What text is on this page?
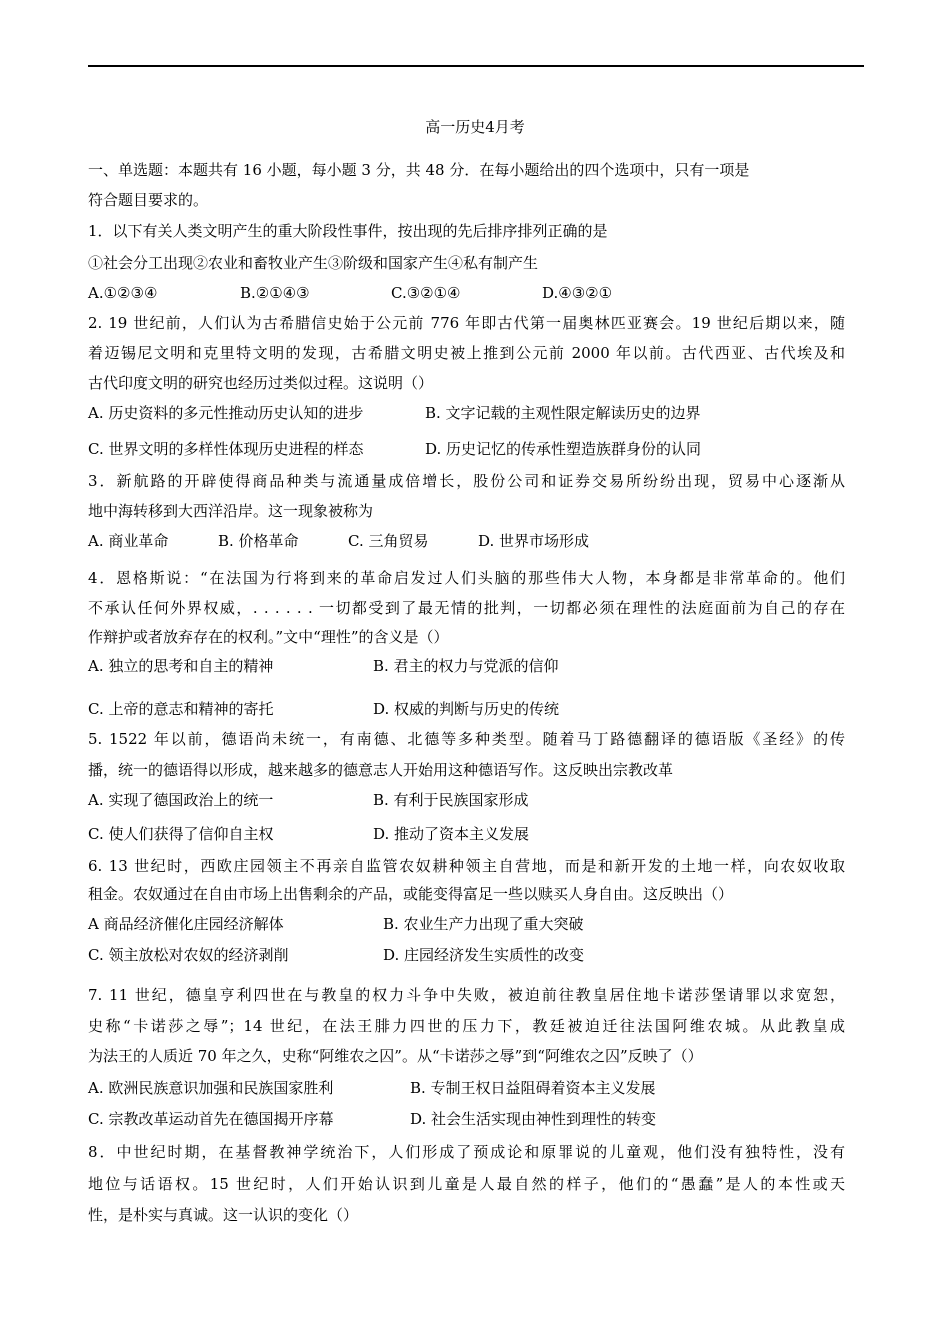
高一历史4月考
一、单选题：本题共有 16 小题，每小题 3 分，共 48 分．在每小题给出的四个选项中，只有一项是
符合题目要求的。
1．以下有关人类文明产生的重大阶段性事件，按出现的先后排序排列正确的是
①社会分工出现②农业和畜牧业产生③阶级和国家产生④私有制产生
A.①②③④	B.②①④③	C.③②①④	D.④③②①
2. 19 世纪前，人们认为古希腊信史始于公元前 776 年即古代第一届奥林匹亚赛会。19 世纪后期以来，随
着迈锡尼文明和克里特文明的发现，古希腊文明史被上推到公元前 2000 年以前。古代西亚、古代埃及和
古代印度文明的研究也经历过类似过程。这说明（）
A. 历史资料的多元性推动历史认知的进步	B. 文字记载的主观性限定解读历史的边界
C. 世界文明的多样性体现历史进程的样态	D. 历史记忆的传承性塑造族群身份的认同
3．新航路的开辟使得商品种类与流通量成倍增长，股份公司和证券交易所纷纷出现，贸易中心逐渐从
地中海转移到大西洋沿岸。这一现象被称为
A. 商业革命	B. 价格革命	C. 三角贸易	D. 世界市场形成
4．恩格斯说：“在法国为行将到来的革命启发过人们头脑的那些伟大人物，本身都是非常革命的。他们
不承认任何外界权威，. . . . . . 一切都受到了最无情的批判，一切都必须在理性的法庭面前为自己的存在
作辩护或者放弃存在的权利。”文中“理性”的含义是（）
A. 独立的思考和自主的精神	B. 君主的权力与党派的信仰
C. 上帝的意志和精神的寄托	D. 权威的判断与历史的传统
5. 1522 年以前，德语尚未统一，有南德、北德等多种类型。随着马丁路德翻译的德语版《圣经》的传
播，统一的德语得以形成，越来越多的德意志人开始用这种德语写作。这反映出宗教改革
A. 实现了德国政治上的统一	B. 有利于民族国家形成
C. 使人们获得了信仰自主权	D. 推动了资本主义发展
6. 13 世纪时，西欧庄园领主不再亲自监管农奴耕种领主自营地，而是和新开发的土地一样，向农奴收取
租金。农奴通过在自由市场上出售剩余的产品，或能变得富足一些以赎买人身自由。这反映出（）
A 商品经济催化庄园经济解体	B. 农业生产力出现了重大突破
C. 领主放松对农奴的经济剥削	D. 庄园经济发生实质性的改变
7. 11 世纪，德皇亨利四世在与教皇的权力斗争中失败，被迫前往教皇居住地卡诺莎堡请罪以求宽恕，
史称“卡诺莎之辱”；14 世纪，在法王腓力四世的压力下，教廷被迫迁往法国阿维农城。从此教皇成
为法王的人质近 70 年之久，史称“阿维农之囚”。从“卡诺莎之辱”到“阿维农之囚”反映了（）
A. 欧洲民族意识加强和民族国家胜利	B. 专制王权日益阻碍着资本主义发展
C. 宗教改革运动首先在德国揭开序幕	D. 社会生活实现由神性到理性的转变
8．中世纪时期，在基督教神学统治下，人们形成了预成论和原罪说的儿童观，他们没有独特性，没有
地位与话语权。15 世纪时，人们开始认识到儿童是人最自然的样子，他们的“愚蠢”是人的本性或天
性，是朴实与真诚。这一认识的变化（）
